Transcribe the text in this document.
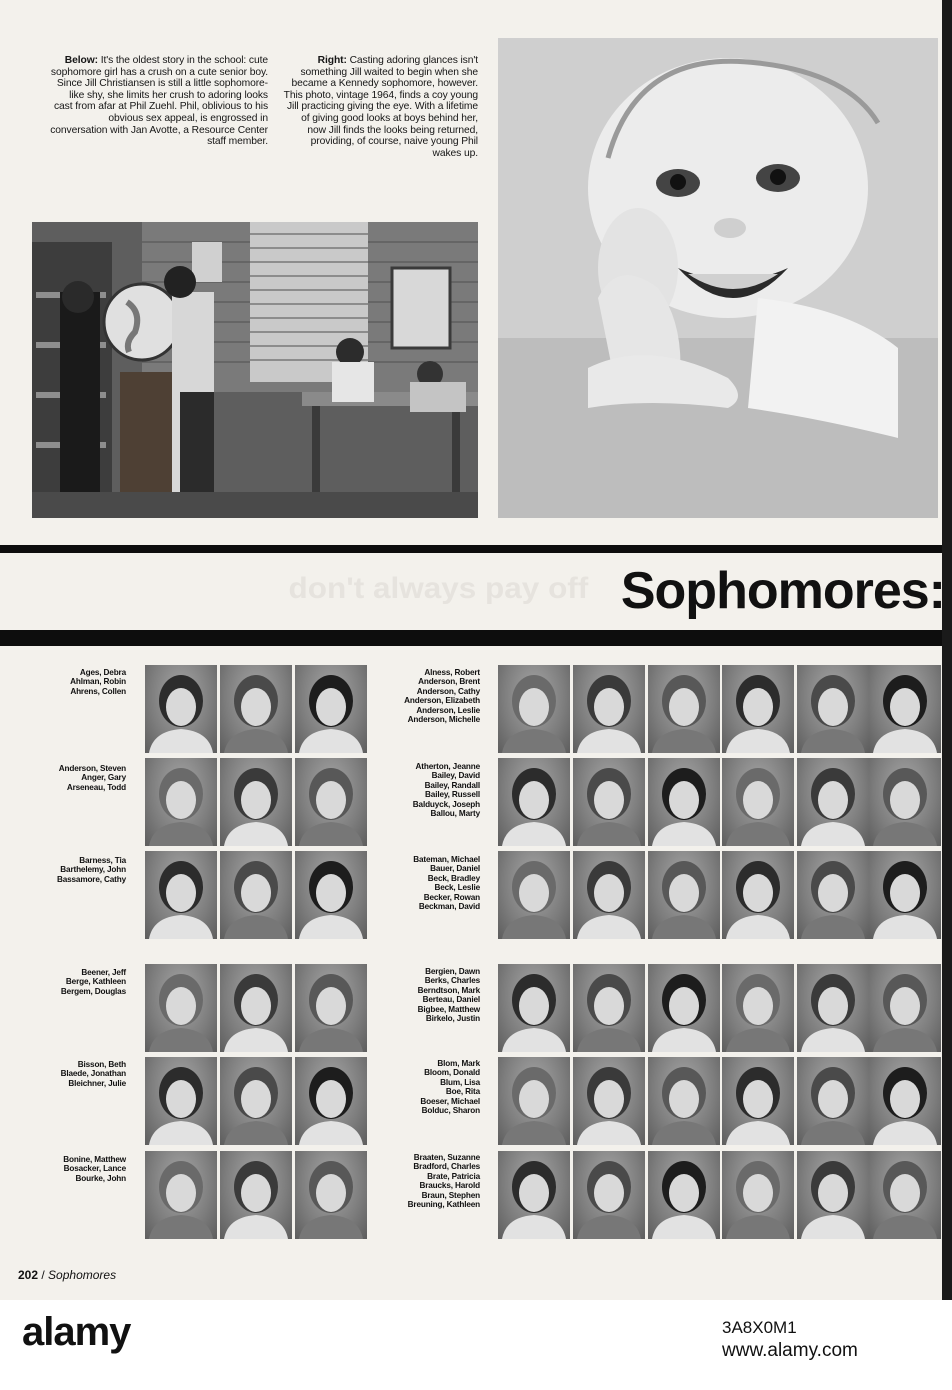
Below: It's the oldest story in the school: cute sophomore girl has a crush on a cute senior boy. Since Jill Christiansen is still a little sophomore-like shy, she limits her crush to adoring looks cast from afar at Phil Zuehl. Phil, oblivious to his obvious sex appeal, is engrossed in conversation with Jan Avotte, a Resource Center staff member.
Right: Casting adoring glances isn't something Jill waited to begin when she became a Kennedy sophomore, however. This photo, vintage 1964, finds a coy young Jill practicing giving the eye. With a lifetime of giving good looks at boys behind her, now Jill finds the looks being returned, providing, of course, naive young Phil wakes up.
don't always pay off Sophomores:
Ages, Debra
Ahlman, Robin
Ahrens, Collen
Anderson, Steven
Anger, Gary
Arseneau, Todd
Barness, Tia
Barthelemy, John
Bassamore, Cathy
Beener, Jeff
Berge, Kathleen
Bergem, Douglas
Bisson, Beth
Blaede, Jonathan
Bleichner, Julie
Bonine, Matthew
Bosacker, Lance
Bourke, John
Alness, Robert
Anderson, Brent
Anderson, Cathy
Anderson, Elizabeth
Anderson, Leslie
Anderson, Michelle
Atherton, Jeanne
Bailey, David
Bailey, Randall
Bailey, Russell
Balduyck, Joseph
Ballou, Marty
Bateman, Michael
Bauer, Daniel
Beck, Bradley
Beck, Leslie
Becker, Rowan
Beckman, David
Bergien, Dawn
Berks, Charles
Berndtson, Mark
Berteau, Daniel
Bigbee, Matthew
Birkelo, Justin
Blom, Mark
Bloom, Donald
Blum, Lisa
Boe, Rita
Boeser, Michael
Bolduc, Sharon
Braaten, Suzanne
Bradford, Charles
Brate, Patricia
Braucks, Harold
Braun, Stephen
Breuning, Kathleen
202 / Sophomores
alamy	3A8X0M1
www.alamy.com
